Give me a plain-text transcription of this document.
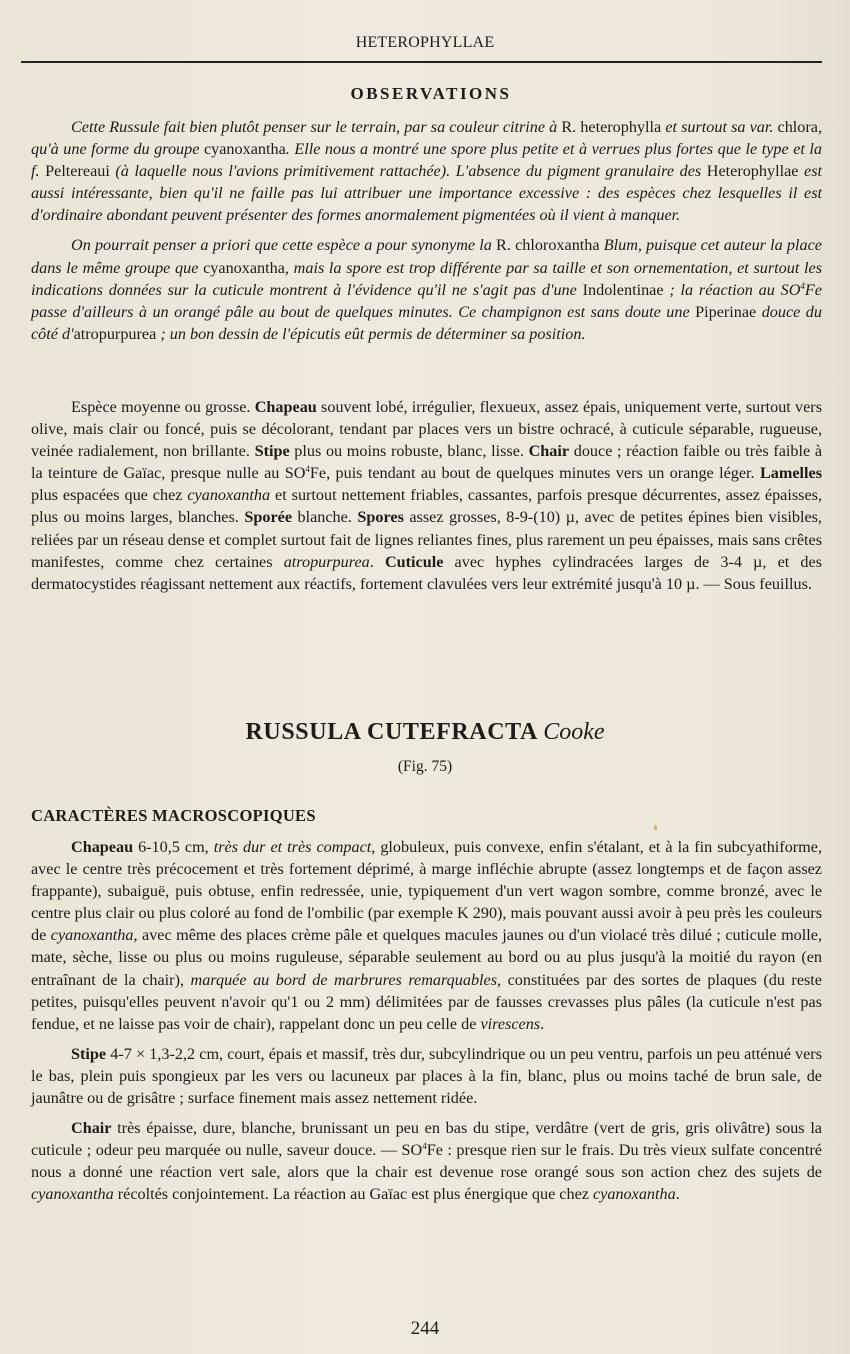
HETEROPHYLLAE
OBSERVATIONS

Cette Russule fait bien plutôt penser sur le terrain, par sa couleur citrine à R. heterophylla et surtout sa var. chlora, qu'à une forme du groupe cyanoxantha. Elle nous a montré une spore plus petite et à verrues plus fortes que le type et la f. Peltereaui (à laquelle nous l'avions primitivement rattachée). L'absence du pigment granulaire des Heterophyllae est aussi intéressante, bien qu'il ne faille pas lui attribuer une importance excessive : des espèces chez lesquelles il est d'ordinaire abondant peuvent présenter des formes anormalement pigmentées où il vient à manquer.

On pourrait penser a priori que cette espèce a pour synonyme la R. chloroxantha Blum, puisque cet auteur la place dans le même groupe que cyanoxantha, mais la spore est trop différente par sa taille et son ornementation, et surtout les indications données sur la cuticule montrent à l'évidence qu'il ne s'agit pas d'une Indolentinae ; la réaction au $SO^4Fe$ passe d'ailleurs à un orangé pâle au bout de quelques minutes. Ce champignon est sans doute une Piperinae douce du côté d'atropurpurea ; un bon dessin de l'épicutis eût permis de déterminer sa position.

Espèce moyenne ou grosse. Chapeau souvent lobé, irrégulier, flexueux, assez épais, uniquement verte, surtout vers olive, mais clair ou foncé, puis se décolorant, tendant par places vers un bistre ochracé, à cuticule séparable, rugueuse, veinée radialement, non brillante. Stipe plus ou moins robuste, blanc, lisse. Chair douce ; réaction faible ou très faible à la teinture de Gaïac, presque nulle au $SO^4Fe$, puis tendant au bout de quelques minutes vers un orange léger. Lamelles plus espacées que chez cyanoxantha et surtout nettement friables, cassantes, parfois presque décurrentes, assez épaisses, plus ou moins larges, blanches. Sporée blanche. Spores assez grosses, 8-9-(10) µ, avec de petites épines bien visibles, reliées par un réseau dense et complet surtout fait de lignes reliantes fines, plus rarement un peu épaisses, mais sans crêtes manifestes, comme chez certaines atropurpurea. Cuticule avec hyphes cylindracées larges de 3-4 µ, et des dermatocystides réagissant nettement aux réactifs, fortement clavulées vers leur extrémité jusqu'à 10 µ. — Sous feuillus.

RUSSULA CUTEFRACTA Cooke
(Fig. 75)
CARACTÈRES MACROSCOPIQUES

Chapeau 6-10,5 cm, très dur et très compact, globuleux, puis convexe, enfin s'étalant, et à la fin subcyathiforme, avec le centre très précocement et très fortement déprimé, à marge infléchie abrupte (assez longtemps et de façon assez frappante), subaiguë, puis obtuse, enfin redressée, unie, typiquement d'un vert wagon sombre, comme bronzé, avec le centre plus clair ou plus coloré au fond de l'ombilic (par exemple K 290), mais pouvant aussi avoir à peu près les couleurs de cyanoxantha, avec même des places crème pâle et quelques macules jaunes ou d'un violacé très dilué ; cuticule molle, mate, sèche, lisse ou plus ou moins ruguleuse, séparable seulement au bord ou au plus jusqu'à la moitié du rayon (en entraînant de la chair), marquée au bord de marbrures remarquables, constituées par des sortes de plaques (du reste petites, puisqu'elles peuvent n'avoir qu'1 ou 2 mm) délimitées par de fausses crevasses plus pâles (la cuticule n'est pas fendue, et ne laisse pas voir de chair), rappelant donc un peu celle de virescens.

Stipe 4-7 × 1,3-2,2 cm, court, épais et massif, très dur, subcylindrique ou un peu ventru, parfois un peu atténué vers le bas, plein puis spongieux par les vers ou lacuneux par places à la fin, blanc, plus ou moins taché de brun sale, de jaunâtre ou de grisâtre ; surface finement mais assez nettement ridée.

Chair très épaisse, dure, blanche, brunissant un peu en bas du stipe, verdâtre (vert de gris, gris olivâtre) sous la cuticule ; odeur peu marquée ou nulle, saveur douce. — $SO^4Fe$ : presque rien sur le frais. Du très vieux sulfate concentré nous a donné une réaction vert sale, alors que la chair est devenue rose orangé sous son action chez des sujets de cyanoxantha récoltés conjointement. La réaction au Gaïac est plus énergique que chez cyanoxantha.

244
